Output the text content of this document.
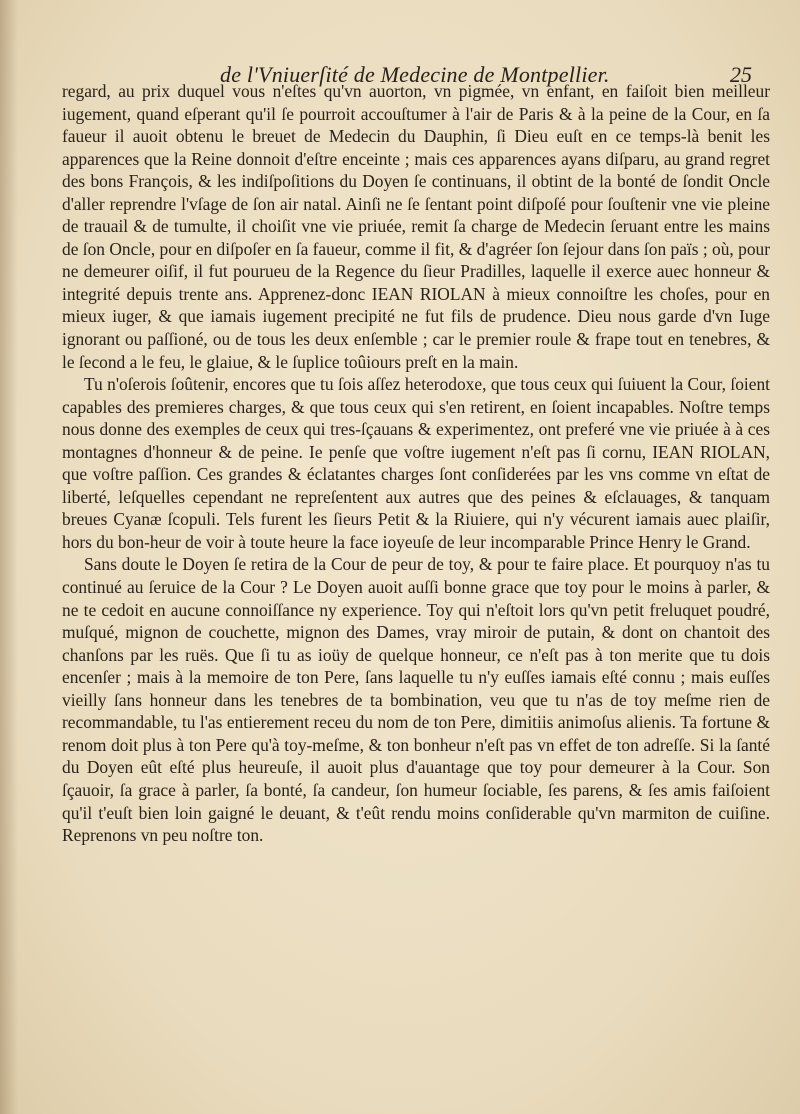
de l'Vniuerſité de Medecine de Montpellier.	25

regard, au prix duquel vous n'eſtes qu'vn auorton, vn pigmée, vn enfant, en faiſoit bien meilleur iugement, quand eſperant qu'il ſe pourroit accouſtumer à l'air de Paris & à la peine de la Cour, en ſa faueur il auoit obtenu le breuet de Medecin du Dauphin, ſi Dieu euſt en ce temps-là benit les apparences que la Reine donnoit d'eſtre enceinte ; mais ces apparences ayans diſparu, au grand regret des bons François, & les indiſpoſitions du Doyen ſe continuans, il obtint de la bonté de ſondit Oncle d'aller reprendre l'vſage de ſon air natal. Ainſi ne ſe ſentant point diſpoſé pour ſouſtenir vne vie pleine de trauail & de tumulte, il choiſit vne vie priuée, remit ſa charge de Medecin ſeruant entre les mains de ſon Oncle, pour en diſpoſer en ſa faueur, comme il fit, & d'agréer ſon ſejour dans ſon païs ; où, pour ne demeurer oiſif, il fut pourueu de la Regence du ſieur Pradilles, laquelle il exerce auec honneur & integrité depuis trente ans. Apprenez-donc IEAN RIOLAN à mieux connoiſtre les choſes, pour en mieux iuger, & que iamais iugement precipité ne fut fils de prudence. Dieu nous garde d'vn Iuge ignorant ou paſſioné, ou de tous les deux enſemble ; car le premier roule & frape tout en tenebres, & le ſecond a le feu, le glaiue, & le ſuplice toûiours preſt en la main.

Tu n'oſerois ſoûtenir, encores que tu ſois aſſez heterodoxe, que tous ceux qui ſuiuent la Cour, ſoient capables des premieres charges, & que tous ceux qui s'en retirent, en ſoient incapables. Noſtre temps nous donne des exemples de ceux qui tres-ſçauans & experimentez, ont preferé vne vie priuée à à ces montagnes d'honneur & de peine. Ie penſe que voſtre iugement n'eſt pas ſi cornu, IEAN RIOLAN, que voſtre paſſion. Ces grandes & éclatantes charges ſont conſiderées par les vns comme vn eſtat de liberté, leſquelles cependant ne repreſentent aux autres que des peines & eſclauages, & tanquam breues Cyanæ ſcopuli. Tels furent les ſieurs Petit & la Riuiere, qui n'y vécurent iamais auec plaiſir, hors du bon-heur de voir à toute heure la face ioyeuſe de leur incomparable Prince Henry le Grand.

Sans doute le Doyen ſe retira de la Cour de peur de toy, & pour te faire place. Et pourquoy n'as tu continué au ſeruice de la Cour ? Le Doyen auoit auſſi bonne grace que toy pour le moins à parler, & ne te cedoit en aucune connoiſſance ny experience. Toy qui n'eſtoit lors qu'vn petit freluquet poudré, muſqué, mignon de couchette, mignon des Dames, vray miroir de putain, & dont on chantoit des chanſons par les ruës. Que ſi tu as ioüy de quelque honneur, ce n'eſt pas à ton merite que tu dois encenſer ; mais à la memoire de ton Pere, ſans laquelle tu n'y euſſes iamais eſté connu ; mais euſſes vieilly ſans honneur dans les tenebres de ta bombination, veu que tu n'as de toy meſme rien de recommandable, tu l'as entierement receu du nom de ton Pere, dimitiis animoſus alienis. Ta fortune & renom doit plus à ton Pere qu'à toy-meſme, & ton bonheur n'eſt pas vn effet de ton adreſſe. Si la ſanté du Doyen eût eſté plus heureuſe, il auoit plus d'auantage que toy pour demeurer à la Cour. Son ſçauoir, ſa grace à parler, ſa bonté, ſa candeur, ſon humeur ſociable, ſes parens, & ſes amis faiſoient qu'il t'euſt bien loin gaigné le deuant, & t'eût rendu moins conſiderable qu'vn marmiton de cuiſine. Reprenons vn peu noſtre ton.
